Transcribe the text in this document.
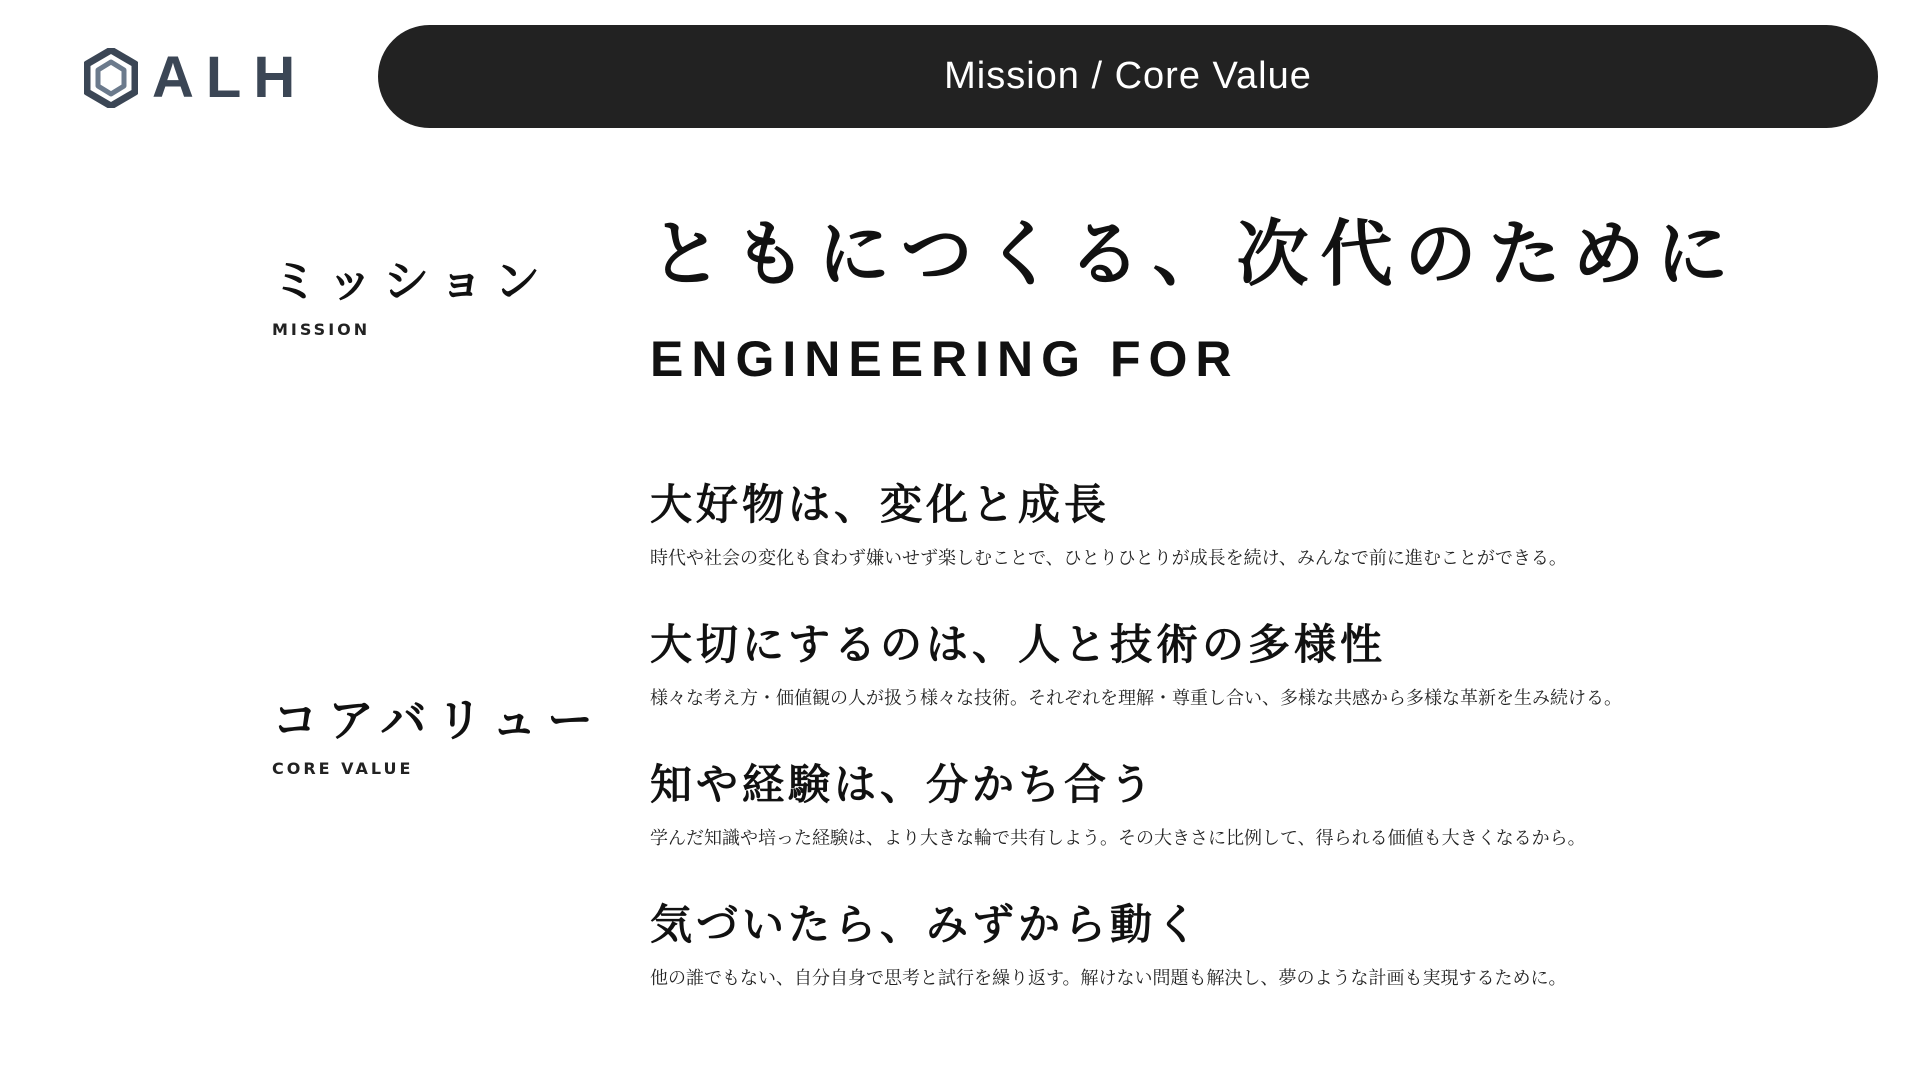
ALH	Mission / Core Value
ミッション
MISSION
ともにつくる、次代のために
ENGINEERING FOR
コアバリュー
CORE VALUE
大好物は、変化と成長
時代や社会の変化も食わず嫌いせず楽しむことで、ひとりひとりが成長を続け、みんなで前に進むことができる。
大切にするのは、人と技術の多様性
様々な考え方・価値観の人が扱う様々な技術。それぞれを理解・尊重し合い、多様な共感から多様な革新を生み続ける。
知や経験は、分かち合う
学んだ知識や培った経験は、より大きな輪で共有しよう。その大きさに比例して、得られる価値も大きくなるから。
気づいたら、みずから動く
他の誰でもない、自分自身で思考と試行を繰り返す。解けない問題も解決し、夢のような計画も実現するために。
